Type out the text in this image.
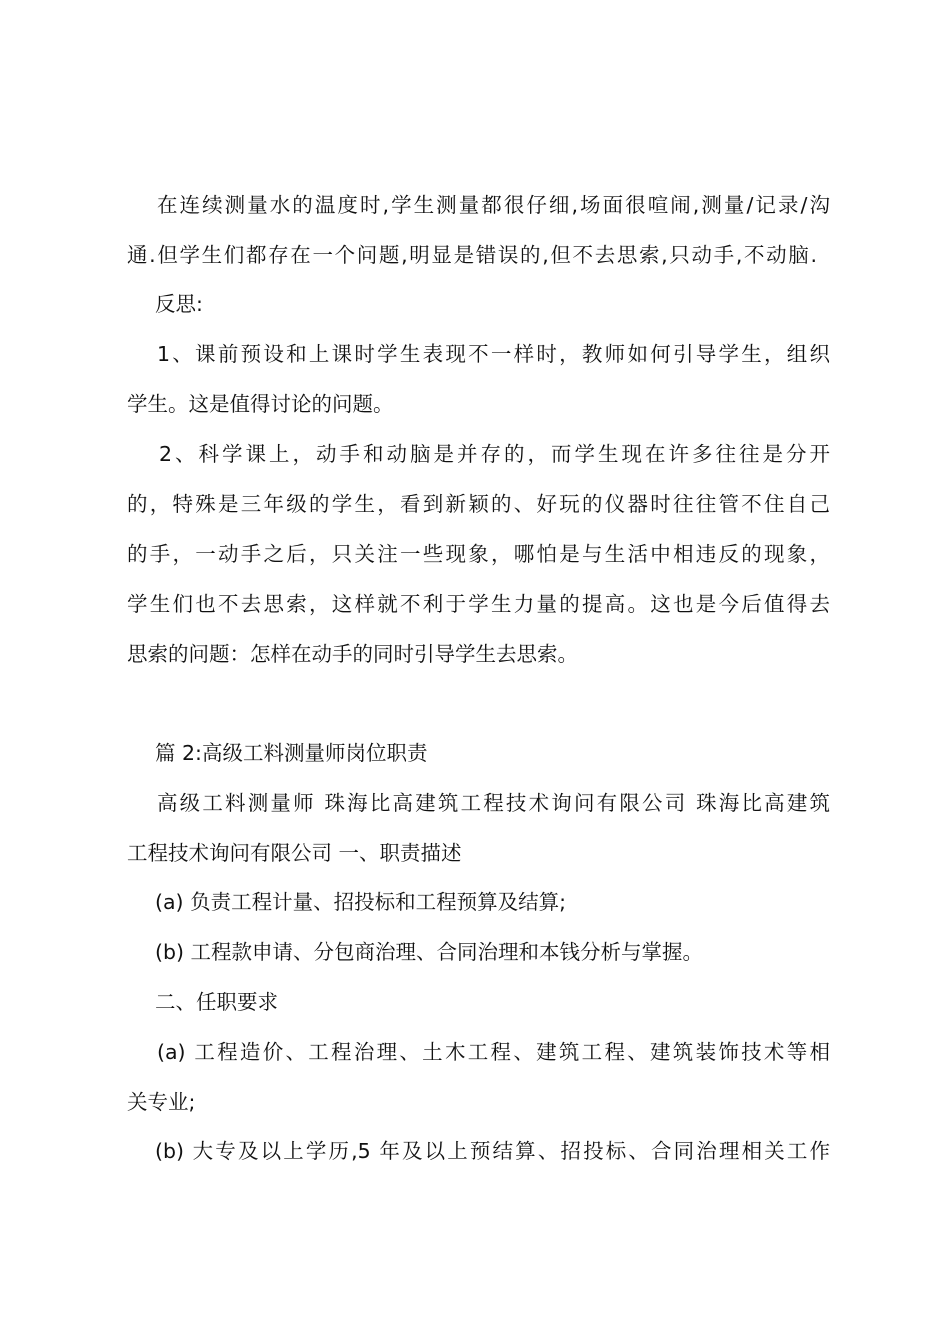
在连续测量水的温度时,学生测量都很仔细,场面很喧闹,测量/记录/沟
通.但学生们都存在一个问题,明显是错误的,但不去思索,只动手,不动脑.
反思:
1、课前预设和上课时学生表现不一样时，教师如何引导学生，组织
学生。这是值得讨论的问题。
2、科学课上，动手和动脑是并存的，而学生现在许多往往是分开
的，特殊是三年级的学生，看到新颖的、好玩的仪器时往往管不住自己
的手，一动手之后，只关注一些现象，哪怕是与生活中相违反的现象，
学生们也不去思索，这样就不利于学生力量的提高。这也是今后值得去
思索的问题：怎样在动手的同时引导学生去思索。
篇 2:高级工料测量师岗位职责
高级工料测量师 珠海比高建筑工程技术询问有限公司 珠海比高建筑
工程技术询问有限公司 一、职责描述
(a) 负责工程计量、招投标和工程预算及结算;
(b) 工程款申请、分包商治理、合同治理和本钱分析与掌握。
二、任职要求
(a) 工程造价、工程治理、土木工程、建筑工程、建筑装饰技术等相
关专业;
(b) 大专及以上学历,5 年及以上预结算、招投标、合同治理相关工作
